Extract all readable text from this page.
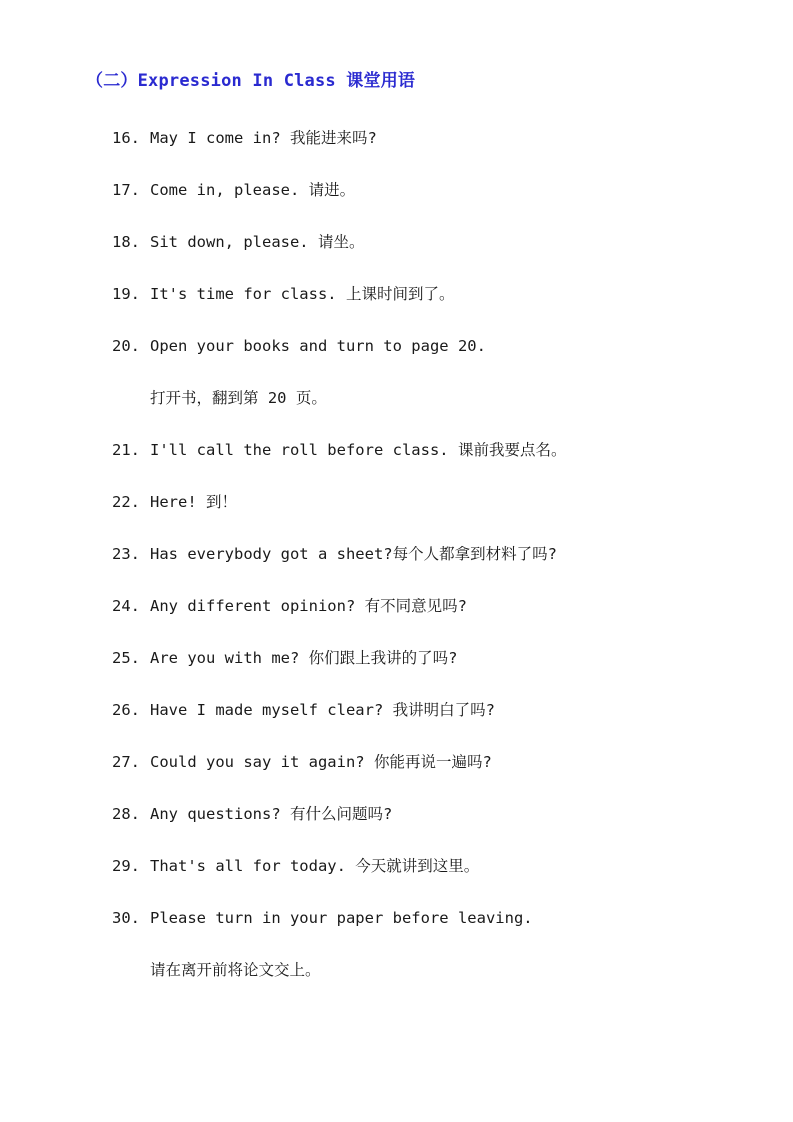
（二）Expression In Class 课堂用语
16. May I come in? 我能进来吗?
17. Come in, please. 请进。
18. Sit down, please. 请坐。
19. It's time for class. 上课时间到了。
20. Open your books and turn to page 20.
打开书，翻到第 20 页。
21. I'll call the roll before class. 课前我要点名。
22. Here! 到！
23. Has everybody got a sheet?每个人都拿到材料了吗?
24. Any different opinion? 有不同意见吗?
25. Are you with me? 你们跟上我讲的了吗?
26. Have I made myself clear? 我讲明白了吗?
27. Could you say it again? 你能再说一遍吗?
28. Any questions? 有什么问题吗?
29. That's all for today. 今天就讲到这里。
30. Please turn in your paper before leaving.
请在离开前将论文交上。
